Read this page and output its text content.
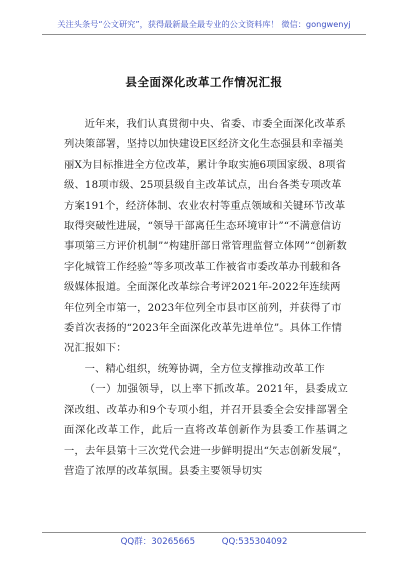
关注头条号“公文研究”，获得最新最全最专业的公文资料库！ 微信：gongwenyj
县全面深化改革工作情况汇报

近年来，我们认真贯彻中央、省委、市委全面深化改革系列决策部署，坚持以加快建设E区经济文化生态强县和幸福美丽X为目标推进全方位改革，累计争取实施6项国家级、8项省级、18项市级、25项县级自主改革试点，出台各类专项改革方案191个，经济体制、农业农村等重点领域和关键环节改革取得突破性进展，“领导干部离任生态环境审计”“不满意信访事项第三方评价机制”“构建肝部日常管理监督立体网”“创新数字化城管工作经验”等多项改革工作被省市委改革办刊载和各级媒体报道。全面深化改革综合考评2021年-2022年连续两年位列全市第一，2023年位列全市县市区前列，并获得了市委首次表扬的“2023年全面深化改革先进单位”。具体工作情况汇报如下：

一、精心组织，统筹协调，全方位支撑推动改革工作

（一）加强领导，以上率下抓改革。2021年，县委成立深改组、改革办和9个专项小组，并召开县委全会安排部署全面深化改革工作，此后一直将改革创新作为县委工作基调之一，去年县第十三次党代会进一步鲜明提出“矢志创新发展”，营造了浓厚的改革氛围。县委主要领导切实

QQ群：30265665	QQ:535304092
